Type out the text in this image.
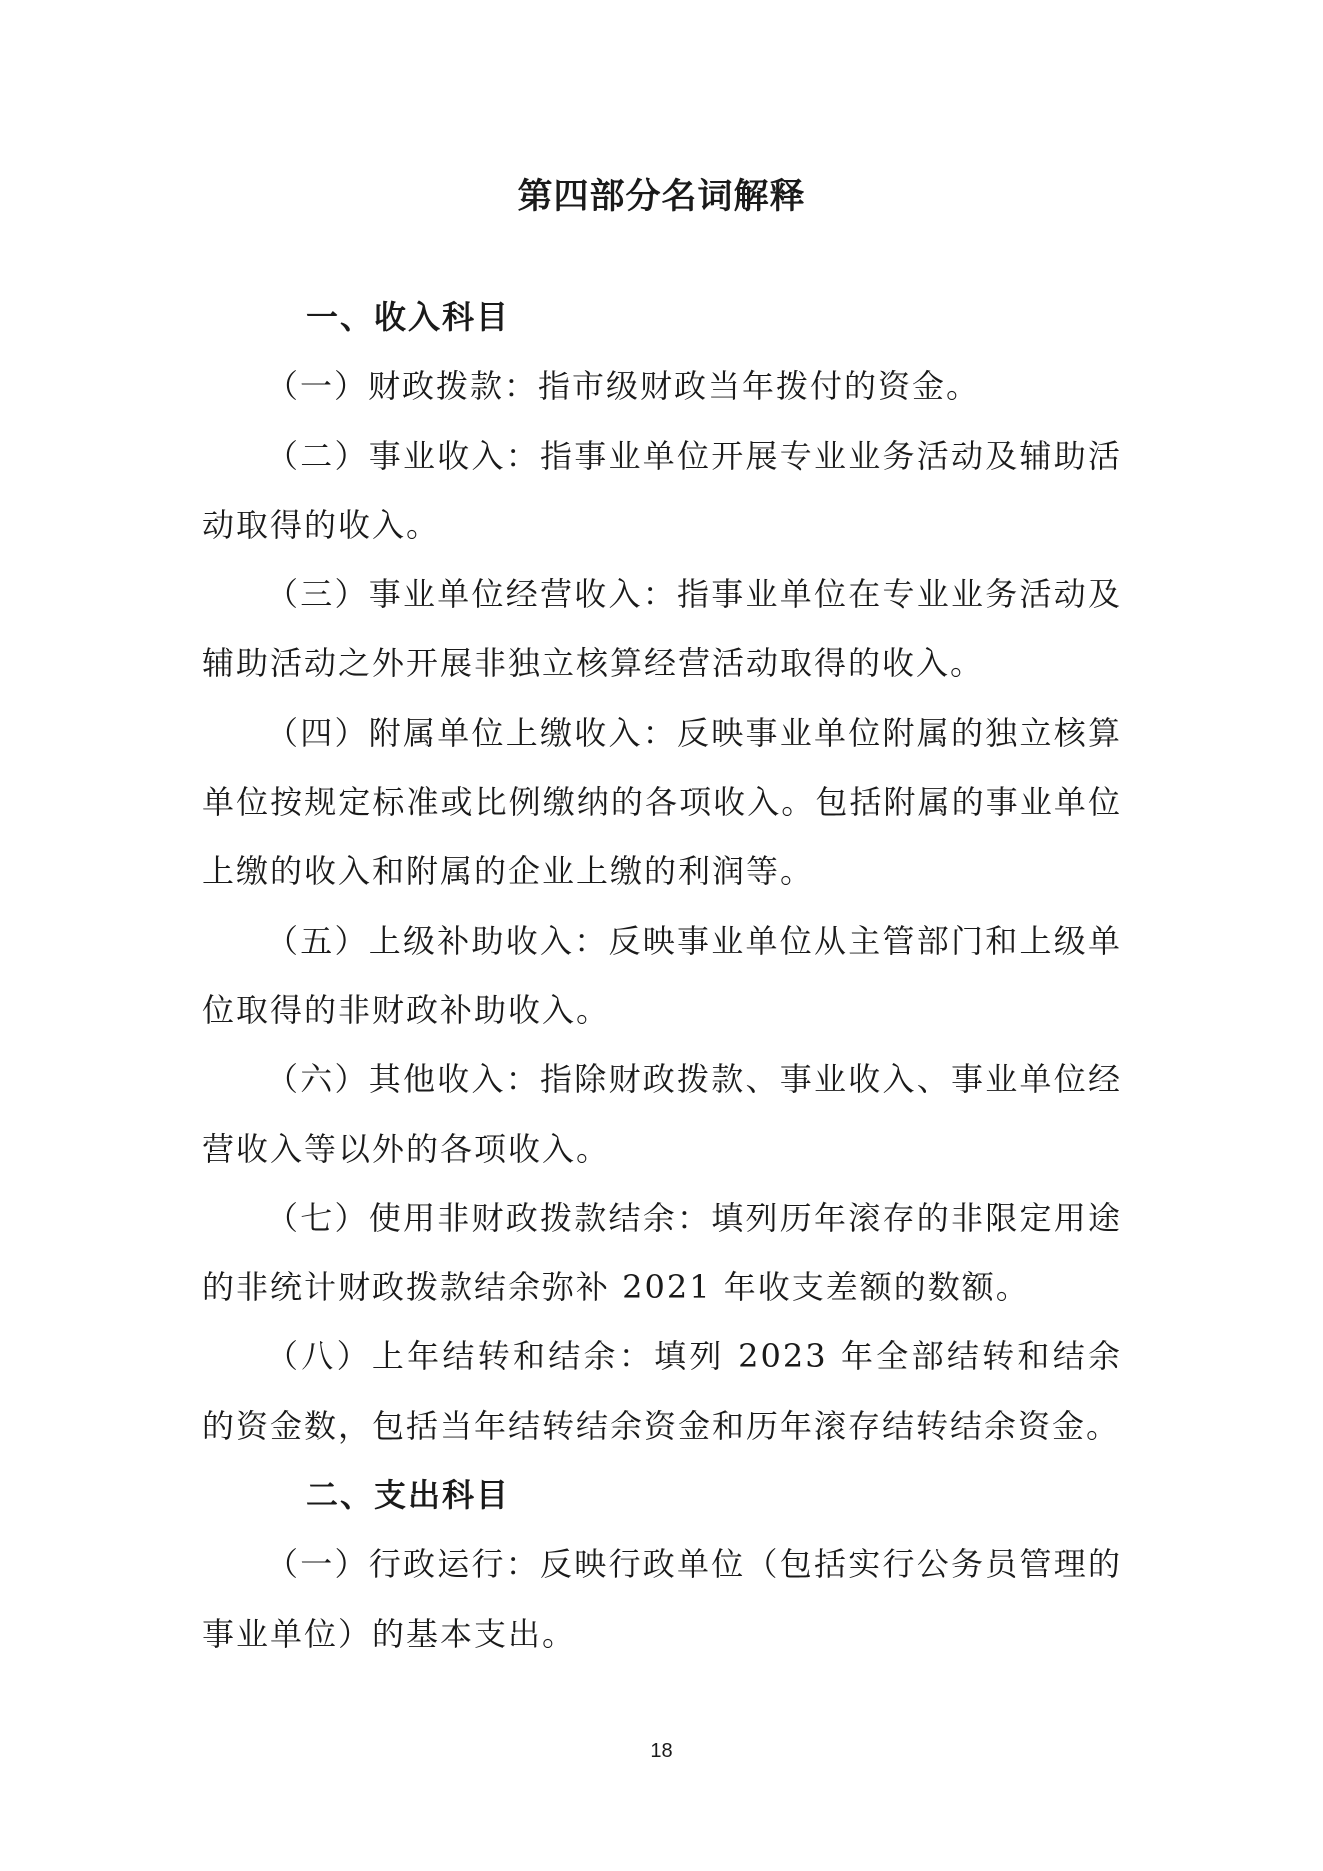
第四部分名词解释

一、收入科目

（一）财政拨款：指市级财政当年拨付的资金。

（二）事业收入：指事业单位开展专业业务活动及辅助活动取得的收入。

（三）事业单位经营收入：指事业单位在专业业务活动及辅助活动之外开展非独立核算经营活动取得的收入。

（四）附属单位上缴收入：反映事业单位附属的独立核算单位按规定标准或比例缴纳的各项收入。包括附属的事业单位上缴的收入和附属的企业上缴的利润等。

（五）上级补助收入：反映事业单位从主管部门和上级单位取得的非财政补助收入。

（六）其他收入：指除财政拨款、事业收入、事业单位经营收入等以外的各项收入。

（七）使用非财政拨款结余：填列历年滚存的非限定用途的非统计财政拨款结余弥补 2021 年收支差额的数额。

（八）上年结转和结余：填列 2023 年全部结转和结余的资金数，包括当年结转结余资金和历年滚存结转结余资金。

二、支出科目

（一）行政运行：反映行政单位（包括实行公务员管理的事业单位）的基本支出。

18
